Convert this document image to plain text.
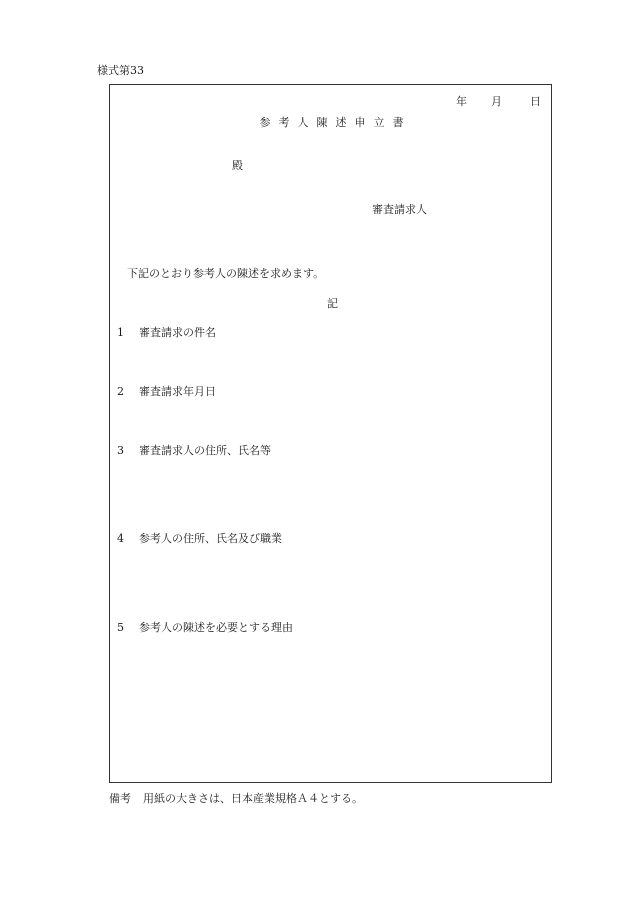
様式第33
年 月	日
参考人陳述申立書
殿
審査請求人
下記のとおり参考人の陳述を求めます。
記
1 審査請求の件名
2 審査請求年月日
3 審査請求人の住所、氏名等
4 参考人の住所、氏名及び職業
5 参考人の陳述を必要とする理由
備考 用紙の大きさは、日本産業規格Ａ４とする。
